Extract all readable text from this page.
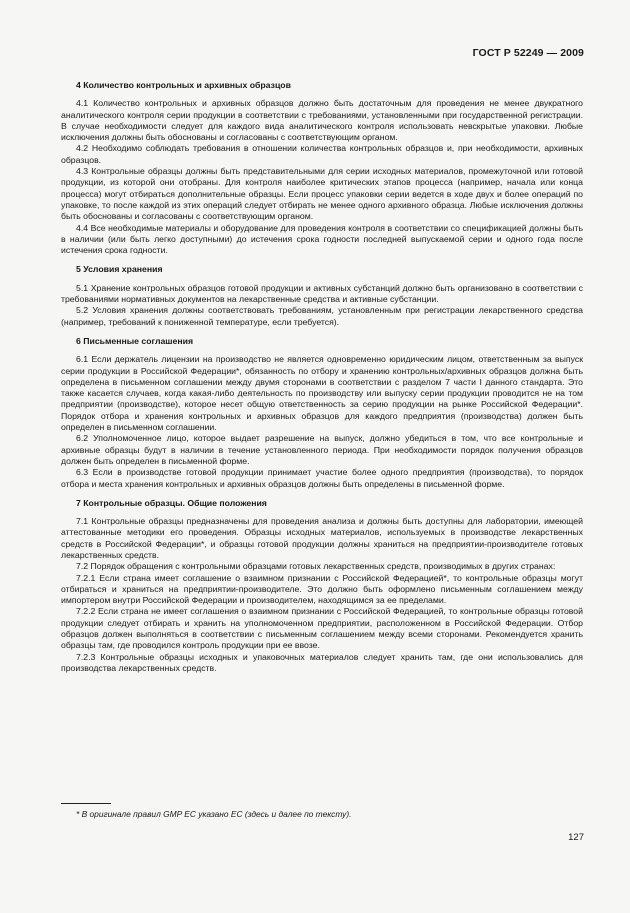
ГОСТ Р 52249 — 2009
4 Количество контрольных и архивных образцов

4.1 Количество контрольных и архивных образцов должно быть достаточным для проведения не менее двукратного аналитического контроля серии продукции в соответствии с требованиями, установленными при государственной регистрации. В случае необходимости следует для каждого вида аналитического контроля использовать невскрытые упаковки. Любые исключения должны быть обоснованы и согласованы с соответствующим органом.

4.2 Необходимо соблюдать требования в отношении количества контрольных образцов и, при необходимости, архивных образцов.

4.3 Контрольные образцы должны быть представительными для серии исходных материалов, промежуточной или готовой продукции, из которой они отобраны. Для контроля наиболее критических этапов процесса (например, начала или конца процесса) могут отбираться дополнительные образцы. Если процесс упаковки серии ведется в ходе двух и более операций по упаковке, то после каждой из этих операций следует отбирать не менее одного архивного образца. Любые исключения должны быть обоснованы и согласованы с соответствующим органом.

4.4 Все необходимые материалы и оборудование для проведения контроля в соответствии со спецификацией должны быть в наличии (или быть легко доступными) до истечения срока годности последней выпускаемой серии и одного года после истечения срока годности.

5 Условия хранения

5.1 Хранение контрольных образцов готовой продукции и активных субстанций должно быть организовано в соответствии с требованиями нормативных документов на лекарственные средства и активные субстанции.

5.2 Условия хранения должны соответствовать требованиям, установленным при регистрации лекарственного средства (например, требований к пониженной температуре, если требуется).

6 Письменные соглашения

6.1 Если держатель лицензии на производство не является одновременно юридическим лицом, ответственным за выпуск серии продукции в Российской Федерации*, обязанность по отбору и хранению контрольных/архивных образцов должна быть определена в письменном соглашении между двумя сторонами в соответствии с разделом 7 части I данного стандарта. Это также касается случаев, когда какая-либо деятельность по производству или выпуску серии продукции проводится не на том предприятии (производстве), которое несет общую ответственность за серию продукции на рынке Российской Федерации*. Порядок отбора и хранения контрольных и архивных образцов для каждого предприятия (производства) должен быть определен в письменном соглашении.

6.2 Уполномоченное лицо, которое выдает разрешение на выпуск, должно убедиться в том, что все контрольные и архивные образцы будут в наличии в течение установленного периода. При необходимости порядок получения образцов должен быть определен в письменной форме.

6.3 Если в производстве готовой продукции принимает участие более одного предприятия (производства), то порядок отбора и места хранения контрольных и архивных образцов должны быть определены в письменной форме.

7 Контрольные образцы. Общие положения

7.1 Контрольные образцы предназначены для проведения анализа и должны быть доступны для лаборатории, имеющей аттестованные методики его проведения. Образцы исходных материалов, используемых в производстве лекарственных средств в Российской Федерации*, и образцы готовой продукции должны храниться на предприятии-производителе готовых лекарственных средств.

7.2 Порядок обращения с контрольными образцами готовых лекарственных средств, производимых в других странах:

7.2.1 Если страна имеет соглашение о взаимном признании с Российской Федерацией*, то контрольные образцы могут отбираться и храниться на предприятии-производителе. Это должно быть оформлено письменным соглашением между импортером внутри Российской Федерации и производителем, находящимся за ее пределами.

7.2.2 Если страна не имеет соглашения о взаимном признании с Российской Федерацией, то контрольные образцы готовой продукции следует отбирать и хранить на уполномоченном предприятии, расположенном в Российской Федерации. Отбор образцов должен выполняться в соответствии с письменным соглашением между всеми сторонами. Рекомендуется хранить образцы там, где проводился контроль продукции при ее ввозе.

7.2.3 Контрольные образцы исходных и упаковочных материалов следует хранить там, где они использовались для производства лекарственных средств.

* В оригинале правил GMP ЕС указано ЕС (здесь и далее по тексту).
127
